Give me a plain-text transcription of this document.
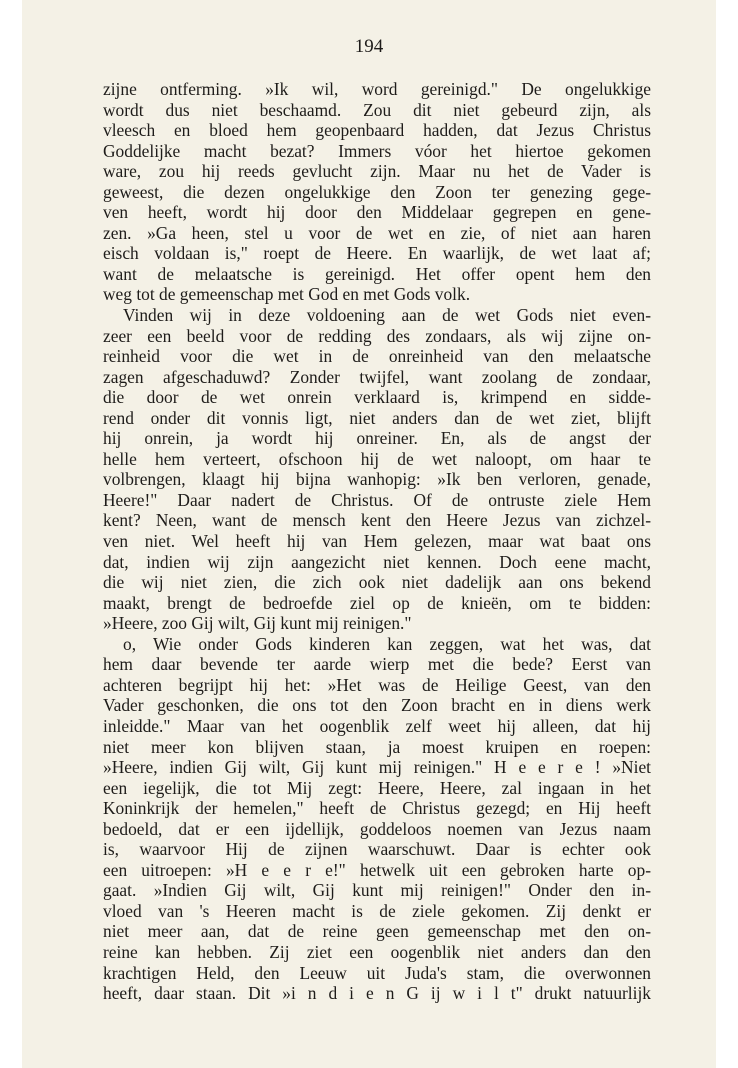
194
zijne ontferming. »Ik wil, word gereinigd." De ongelukkige
wordt dus niet beschaamd. Zou dit niet gebeurd zijn, als
vleesch en bloed hem geopenbaard hadden, dat Jezus Christus
Goddelijke macht bezat? Immers vóor het hiertoe gekomen
ware, zou hij reeds gevlucht zijn. Maar nu het de Vader is
geweest, die dezen ongelukkige den Zoon ter genezing gege-
ven heeft, wordt hij door den Middelaar gegrepen en gene-
zen. »Ga heen, stel u voor de wet en zie, of niet aan haren
eisch voldaan is," roept de Heere. En waarlijk, de wet laat af;
want de melaatsche is gereinigd. Het offer opent hem den
weg tot de gemeenschap met God en met Gods volk.
Vinden wij in deze voldoening aan de wet Gods niet even-
zeer een beeld voor de redding des zondaars, als wij zijne on-
reinheid voor die wet in de onreinheid van den melaatsche
zagen afgeschaduwd? Zonder twijfel, want zoolang de zondaar,
die door de wet onrein verklaard is, krimpend en sidde-
rend onder dit vonnis ligt, niet anders dan de wet ziet, blijft
hij onrein, ja wordt hij onreiner. En, als de angst der
helle hem verteert, ofschoon hij de wet naloopt, om haar te
volbrengen, klaagt hij bijna wanhopig: »Ik ben verloren, genade,
Heere!" Daar nadert de Christus. Of de ontruste ziele Hem
kent? Neen, want de mensch kent den Heere Jezus van zichzel-
ven niet. Wel heeft hij van Hem gelezen, maar wat baat ons
dat, indien wij zijn aangezicht niet kennen. Doch eene macht,
die wij niet zien, die zich ook niet dadelijk aan ons bekend
maakt, brengt de bedroefde ziel op de knieën, om te bidden:
»Heere, zoo Gij wilt, Gij kunt mij reinigen."
o, Wie onder Gods kinderen kan zeggen, wat het was, dat
hem daar bevende ter aarde wierp met die bede? Eerst van
achteren begrijpt hij het: »Het was de Heilige Geest, van den
Vader geschonken, die ons tot den Zoon bracht en in diens werk
inleidde." Maar van het oogenblik zelf weet hij alleen, dat hij
niet meer kon blijven staan, ja moest kruipen en roepen:
»Heere, indien Gij wilt, Gij kunt mij reinigen." H e e r e ! »Niet
een iegelijk, die tot Mij zegt: Heere, Heere, zal ingaan in het
Koninkrijk der hemelen," heeft de Christus gezegd; en Hij heeft
bedoeld, dat er een ijdellijk, goddeloos noemen van Jezus naam
is, waarvoor Hij de zijnen waarschuwt. Daar is echter ook
een uitroepen: »H e e r e!" hetwelk uit een gebroken harte op-
gaat. »Indien Gij wilt, Gij kunt mij reinigen!" Onder den in-
vloed van 's Heeren macht is de ziele gekomen. Zij denkt er
niet meer aan, dat de reine geen gemeenschap met den on-
reine kan hebben. Zij ziet een oogenblik niet anders dan den
krachtigen Held, den Leeuw uit Juda's stam, die overwonnen
heeft, daar staan. Dit »i n d i e n G ij w i l t" drukt natuurlijk
